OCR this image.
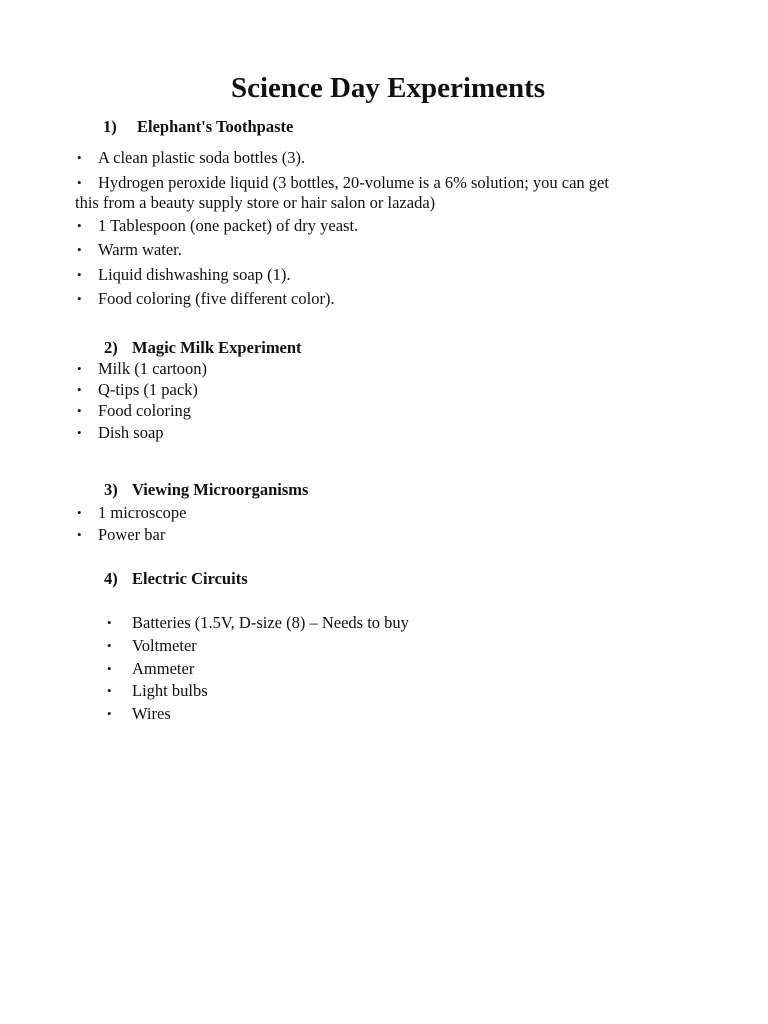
Science Day Experiments
1) Elephant's Toothpaste
• A clean plastic soda bottles (3).
• Hydrogen peroxide liquid (3 bottles, 20-volume is a 6% solution; you can get
this from a beauty supply store or hair salon or lazada)
• 1 Tablespoon (one packet) of dry yeast.
• Warm water.
• Liquid dishwashing soap (1).
• Food coloring (five different color).
2) Magic Milk Experiment
• Milk (1 cartoon)
• Q-tips (1 pack)
• Food coloring
• Dish soap
3) Viewing Microorganisms
• 1 microscope
• Power bar
4) Electric Circuits
• Batteries (1.5V, D-size (8) – Needs to buy
• Voltmeter
• Ammeter
• Light bulbs
• Wires
